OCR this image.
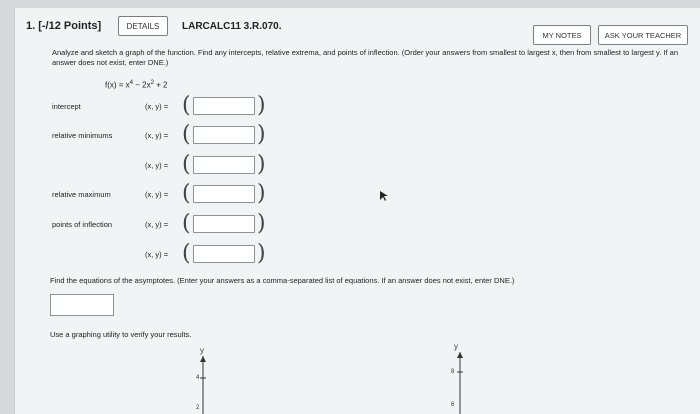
1. [-/12 Points]	DETAILS	LARCALC11 3.R.070.
MY NOTES	ASK YOUR TEACHER
Analyze and sketch a graph of the function. Find any intercepts, relative extrema, and points of inflection. (Order your answers from smallest to largest x, then from smallest to largest y. If an answer does not exist, enter DNE.)
$f(x) = x^4 - 2x^2 + 2$
intercept	(x, y) = (	)
relative minimums	(x, y) = (	)
(x, y) = (	)
relative maximum	(x, y) = (	)
points of inflection	(x, y) = (	)
(x, y) = (	)
Find the equations of the asymptotes. (Enter your answers as a comma-separated list of equations. If an answer does not exist, enter DNE.)
Use a graphing utility to verify your results.
y
4
2
y
8
6
